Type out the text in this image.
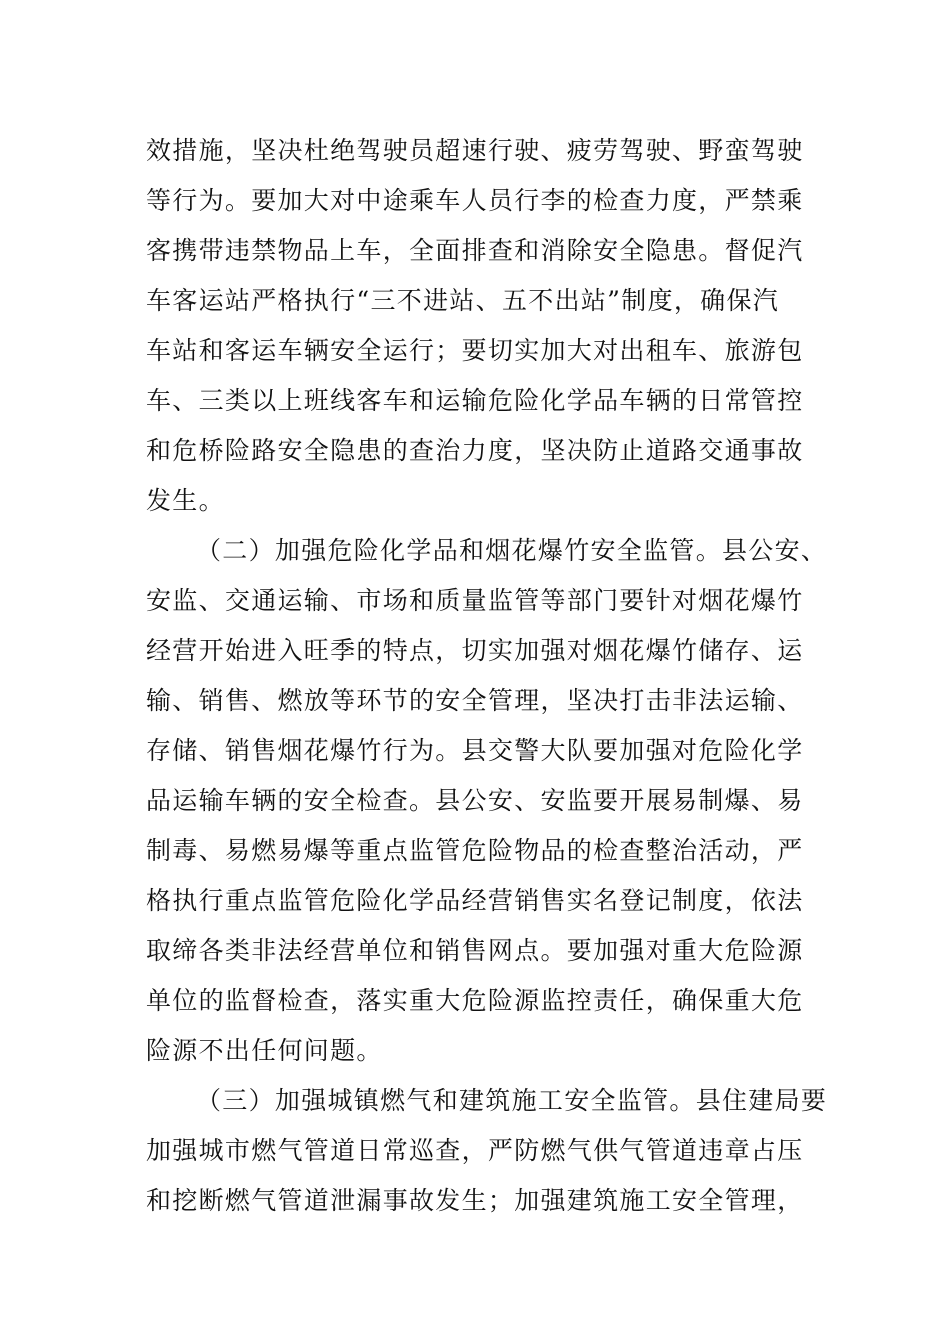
效措施，坚决杜绝驾驶员超速行驶、疲劳驾驶、野蛮驾驶
等行为。要加大对中途乘车人员行李的检查力度，严禁乘
客携带违禁物品上车，全面排查和消除安全隐患。督促汽
车客运站严格执行“三不进站、五不出站”制度，确保汽
车站和客运车辆安全运行；要切实加大对出租车、旅游包
车、三类以上班线客车和运输危险化学品车辆的日常管控
和危桥险路安全隐患的查治力度，坚决防止道路交通事故
发生。
（二）加强危险化学品和烟花爆竹安全监管。县公安、
安监、交通运输、市场和质量监管等部门要针对烟花爆竹
经营开始进入旺季的特点，切实加强对烟花爆竹储存、运
输、销售、燃放等环节的安全管理，坚决打击非法运输、
存储、销售烟花爆竹行为。县交警大队要加强对危险化学
品运输车辆的安全检查。县公安、安监要开展易制爆、易
制毒、易燃易爆等重点监管危险物品的检查整治活动，严
格执行重点监管危险化学品经营销售实名登记制度，依法
取缔各类非法经营单位和销售网点。要加强对重大危险源
单位的监督检查，落实重大危险源监控责任，确保重大危
险源不出任何问题。
（三）加强城镇燃气和建筑施工安全监管。县住建局要
加强城市燃气管道日常巡查，严防燃气供气管道违章占压
和挖断燃气管道泄漏事故发生；加强建筑施工安全管理，
